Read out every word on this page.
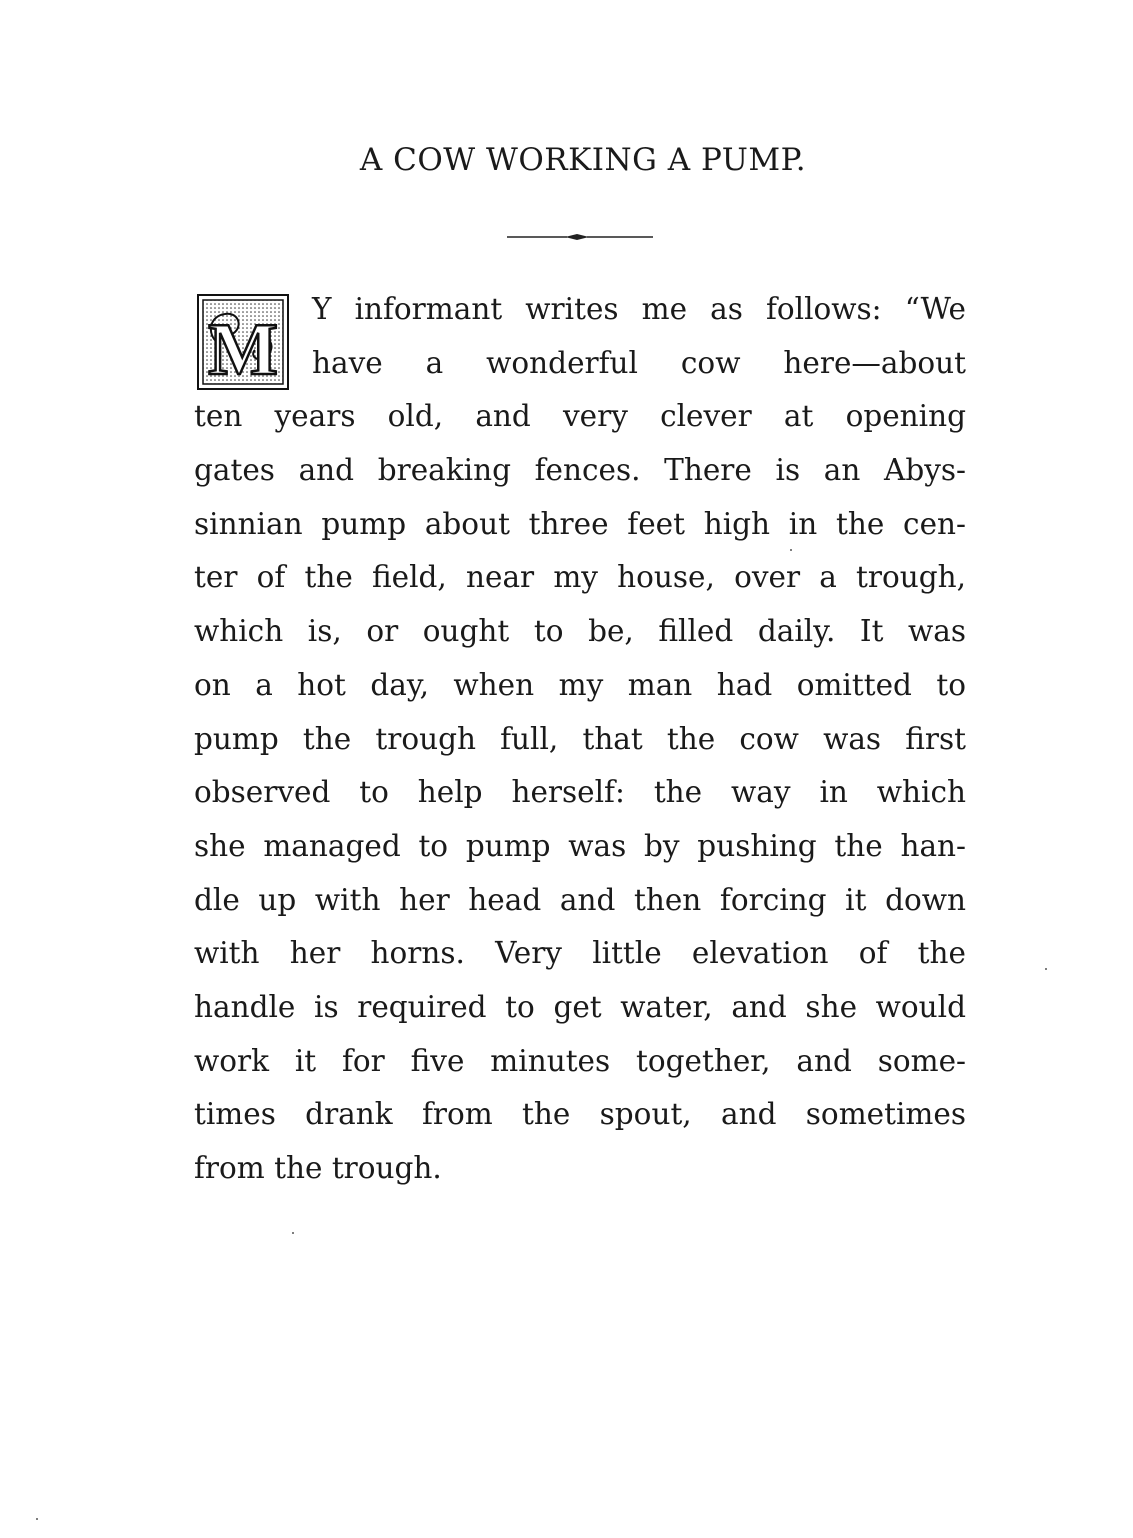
A COW WORKING A PUMP.
M Y informant writes me as follows: “We
have a wonderful cow here—about
ten years old, and very clever at opening
gates and breaking fences. There is an Abys-
sinnian pump about three feet high in the cen-
ter of the field, near my house, over a trough,
which is, or ought to be, filled daily. It was
on a hot day, when my man had omitted to
pump the trough full, that the cow was first
observed to help herself: the way in which
she managed to pump was by pushing the han-
dle up with her head and then forcing it down
with her horns. Very little elevation of the
handle is required to get water, and she would
work it for five minutes together, and some-
times drank from the spout, and sometimes
from the trough.
